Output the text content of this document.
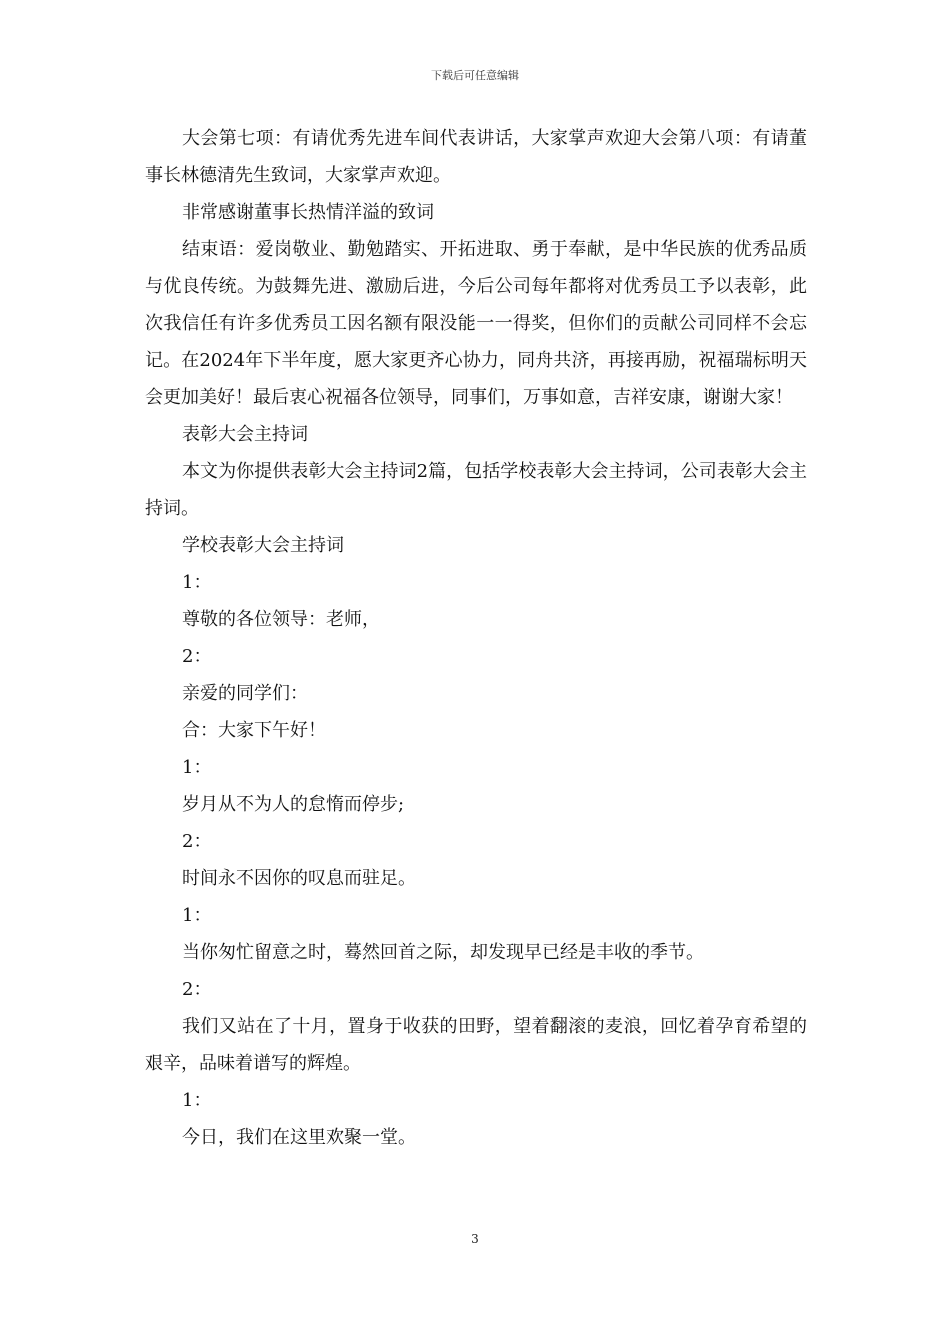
下载后可任意编辑

大会第七项：有请优秀先进车间代表讲话，大家掌声欢迎大会第八项：有请董事长林德清先生致词，大家掌声欢迎。

非常感谢董事长热情洋溢的致词

结束语：爱岗敬业、勤勉踏实、开拓进取、勇于奉献，是中华民族的优秀品质与优良传统。为鼓舞先进、激励后进，今后公司每年都将对优秀员工予以表彰，此次我信任有许多优秀员工因名额有限没能一一得奖，但你们的贡献公司同样不会忘记。在2024年下半年度，愿大家更齐心协力，同舟共济，再接再励，祝福瑞标明天会更加美好！最后衷心祝福各位领导，同事们，万事如意，吉祥安康，谢谢大家！

表彰大会主持词

本文为你提供表彰大会主持词2篇，包括学校表彰大会主持词，公司表彰大会主持词。

学校表彰大会主持词

1：

尊敬的各位领导：老师，

2：

亲爱的同学们：

合：大家下午好！

1：

岁月从不为人的怠惰而停步;

2：

时间永不因你的叹息而驻足。

1：

当你匆忙留意之时，蓦然回首之际，却发现早已经是丰收的季节。

2：

我们又站在了十月，置身于收获的田野，望着翻滚的麦浪，回忆着孕育希望的艰辛，品味着谱写的辉煌。

1：

今日，我们在这里欢聚一堂。

3
